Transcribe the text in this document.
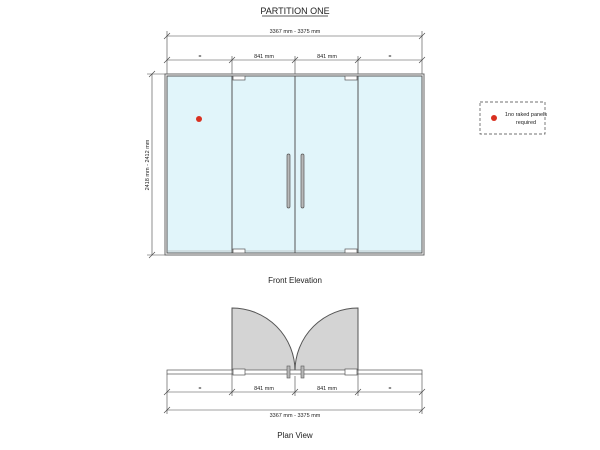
PARTITION ONE
3367 mm - 3375 mm
=	841 mm	841 mm	=
2418 mm - 2412 mm
Front Elevation
1no raked panels
required
=	841 mm	841 mm	=
3367 mm - 3375 mm
Plan View
